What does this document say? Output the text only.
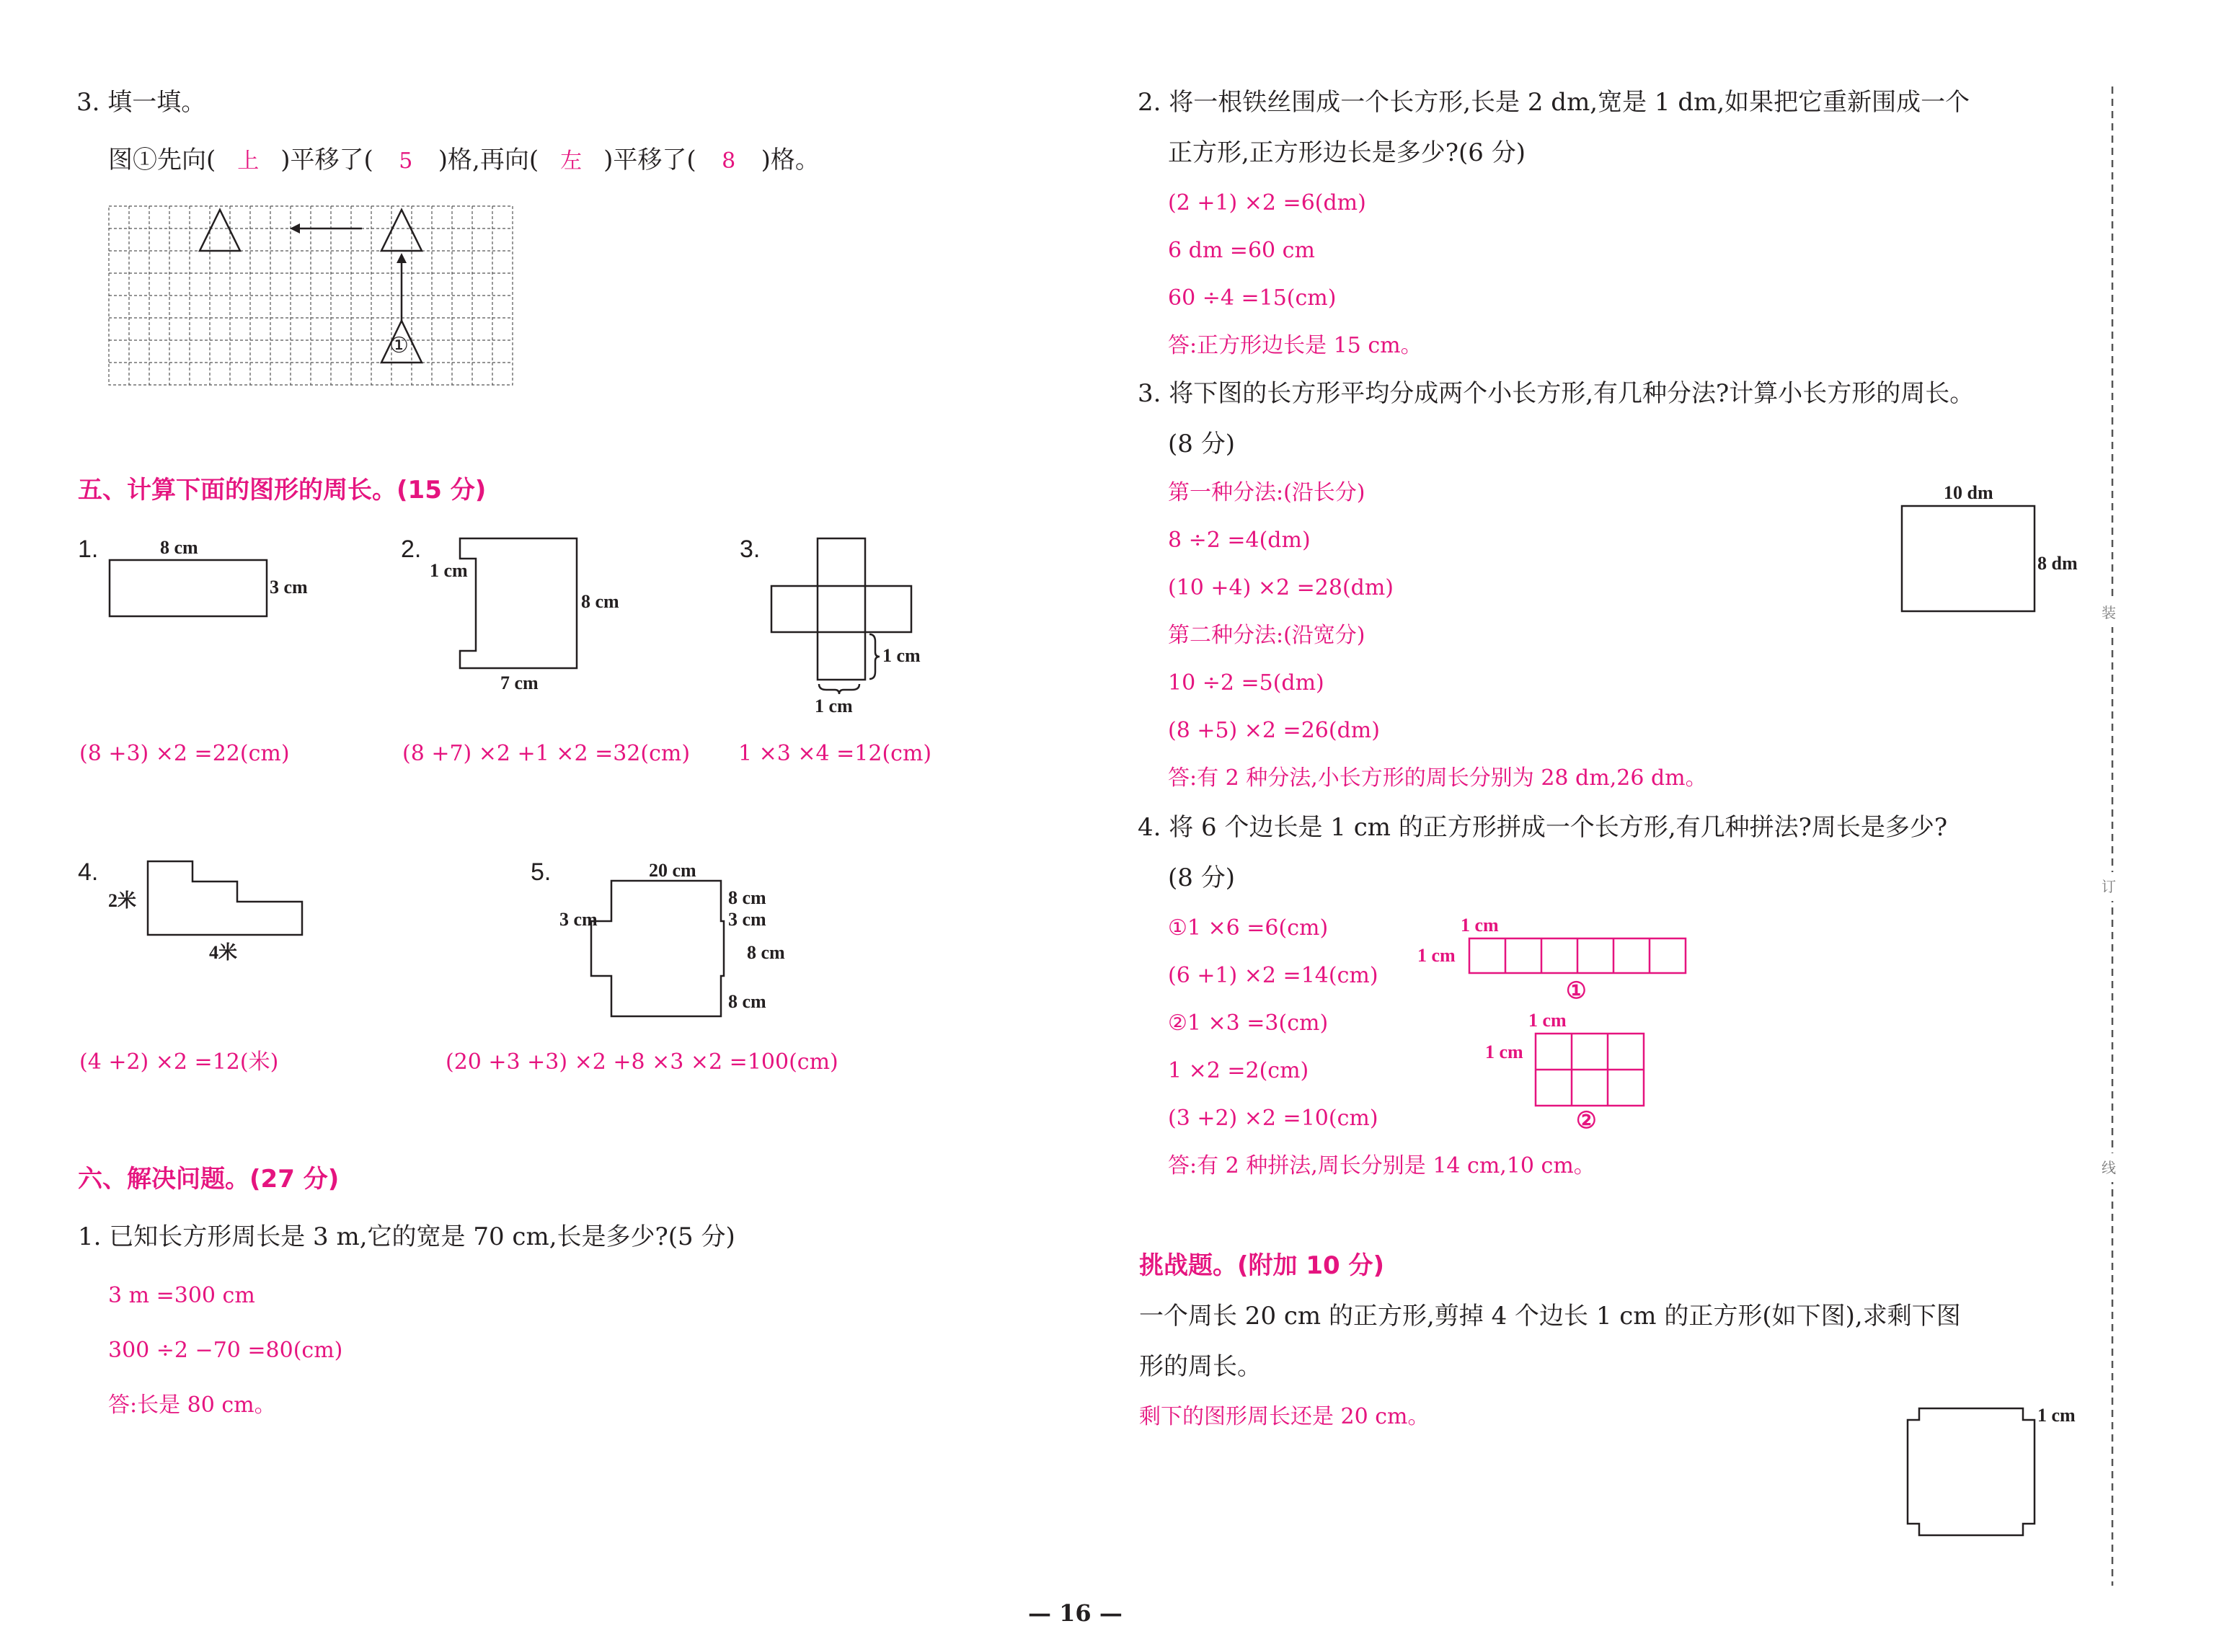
3. 填一填。
图①先向( 上 )平移了( 5 )格,再向( 左 )平移了( 8 )格。
①
五、计算下面的图形的周长。(15 分)
1.	8 cm
3 cm
(8 +3) ×2 =22(cm)
2.
1 cm
8 cm
7 cm
(8 +7) ×2 +1 ×2 =32(cm)
3.
1 cm
1 cm
1 ×3 ×4 =12(cm)
4.
2米
4米
(4 +2) ×2 =12(米)
5.	20 cm
8 cm
3 cm	3 cm
8 cm
8 cm
(20 +3 +3) ×2 +8 ×3 ×2 =100(cm)
六、解决问题。(27 分)
1. 已知长方形周长是 3 m,它的宽是 70 cm,长是多少?(5 分)
3 m =300 cm
300 ÷2 −70 =80(cm)
答:长是 80 cm。
2. 将一根铁丝围成一个长方形,长是 2 dm,宽是 1 dm,如果把它重新围成一个
正方形,正方形边长是多少?(6 分)
(2 +1) ×2 =6(dm)
6 dm =60 cm
60 ÷4 =15(cm)
答:正方形边长是 15 cm。
3. 将下图的长方形平均分成两个小长方形,有几种分法?计算小长方形的周长。
(8 分)
第一种分法:(沿长分)
8 ÷2 =4(dm)
(10 +4) ×2 =28(dm)
第二种分法:(沿宽分)
10 ÷2 =5(dm)
(8 +5) ×2 =26(dm)
答:有 2 种分法,小长方形的周长分别为 28 dm,26 dm。
10 dm
8 dm
4. 将 6 个边长是 1 cm 的正方形拼成一个长方形,有几种拼法?周长是多少?
(8 分)
①1 ×6 =6(cm)
(6 +1) ×2 =14(cm)
②1 ×3 =3(cm)
1 ×2 =2(cm)
(3 +2) ×2 =10(cm)
答:有 2 种拼法,周长分别是 14 cm,10 cm。
1 cm
1 cm
①
1 cm
1 cm
②
挑战题。(附加 10 分)
一个周长 20 cm 的正方形,剪掉 4 个边长 1 cm 的正方形(如下图),求剩下图
形的周长。
剩下的图形周长还是 20 cm。	1 cm
装
订
线
— 16 —
